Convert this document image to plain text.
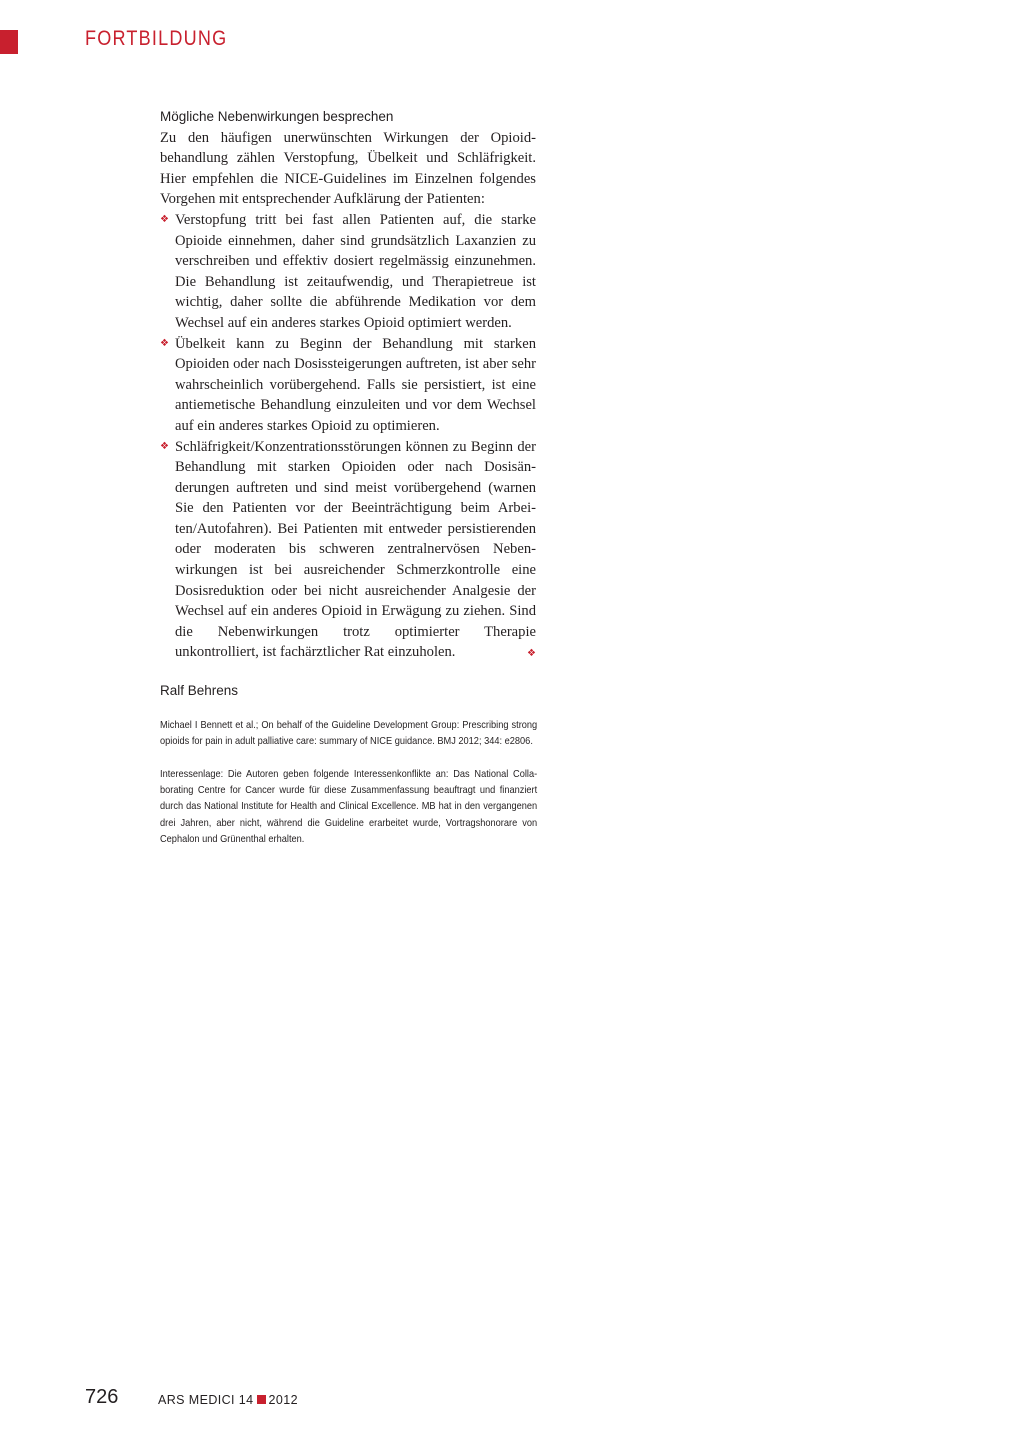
FORTBILDUNG

Mögliche Nebenwirkungen besprechen

Zu den häufigen unerwünschten Wirkungen der Opioidbehandlung zählen Verstopfung, Übelkeit und Schläfrigkeit. Hier empfehlen die NICE-Guidelines im Einzelnen folgendes Vorgehen mit entsprechender Aufklärung der Patienten:

❖ Verstopfung tritt bei fast allen Patienten auf, die starke Opioide einnehmen, daher sind grundsätzlich Laxanzien zu verschreiben und effektiv dosiert regelmässig einzunehmen. Die Behandlung ist zeitaufwendig, und Therapietreue ist wichtig, daher sollte die abführende Medikation vor dem Wechsel auf ein anderes starkes Opioid optimiert werden.
❖ Übelkeit kann zu Beginn der Behandlung mit starken Opioiden oder nach Dosissteigerungen auftreten, ist aber sehr wahrscheinlich vorübergehend. Falls sie persistiert, ist eine antiemetische Behandlung einzuleiten und vor dem Wechsel auf ein anderes starkes Opioid zu optimieren.
❖ Schläfrigkeit/Konzentrationsstörungen können zu Beginn der Behandlung mit starken Opioiden oder nach Dosisänderungen auftreten und sind meist vorübergehend (warnen Sie den Patienten vor der Beeinträchtigung beim Arbeiten/Autofahren). Bei Patienten mit entweder persistierenden oder moderaten bis schweren zentralnervösen Nebenwirkungen ist bei ausreichender Schmerzkontrolle eine Dosisreduktion oder bei nicht ausreichender Analgesie der Wechsel auf ein anderes Opioid in Erwägung zu ziehen. Sind die Nebenwirkungen trotz optimierter Therapie unkontrolliert, ist fachärztlicher Rat einzuholen.	❖

Ralf Behrens

Michael I Bennett et al.; On behalf of the Guideline Development Group: Prescribing strong opioids for pain in adult palliative care: summary of NICE guidance. BMJ 2012; 344: e2806.

Interessenlage: Die Autoren geben folgende Interessenkonflikte an: Das National Collaborating Centre for Cancer wurde für diese Zusammenfassung beauftragt und finanziert durch das National Institute for Health and Clinical Excellence. MB hat in den vergangenen drei Jahren, aber nicht, während die Guideline erarbeitet wurde, Vortragshonorare von Cephalon und Grünenthal erhalten.

726	ARS MEDICI 14 2012
